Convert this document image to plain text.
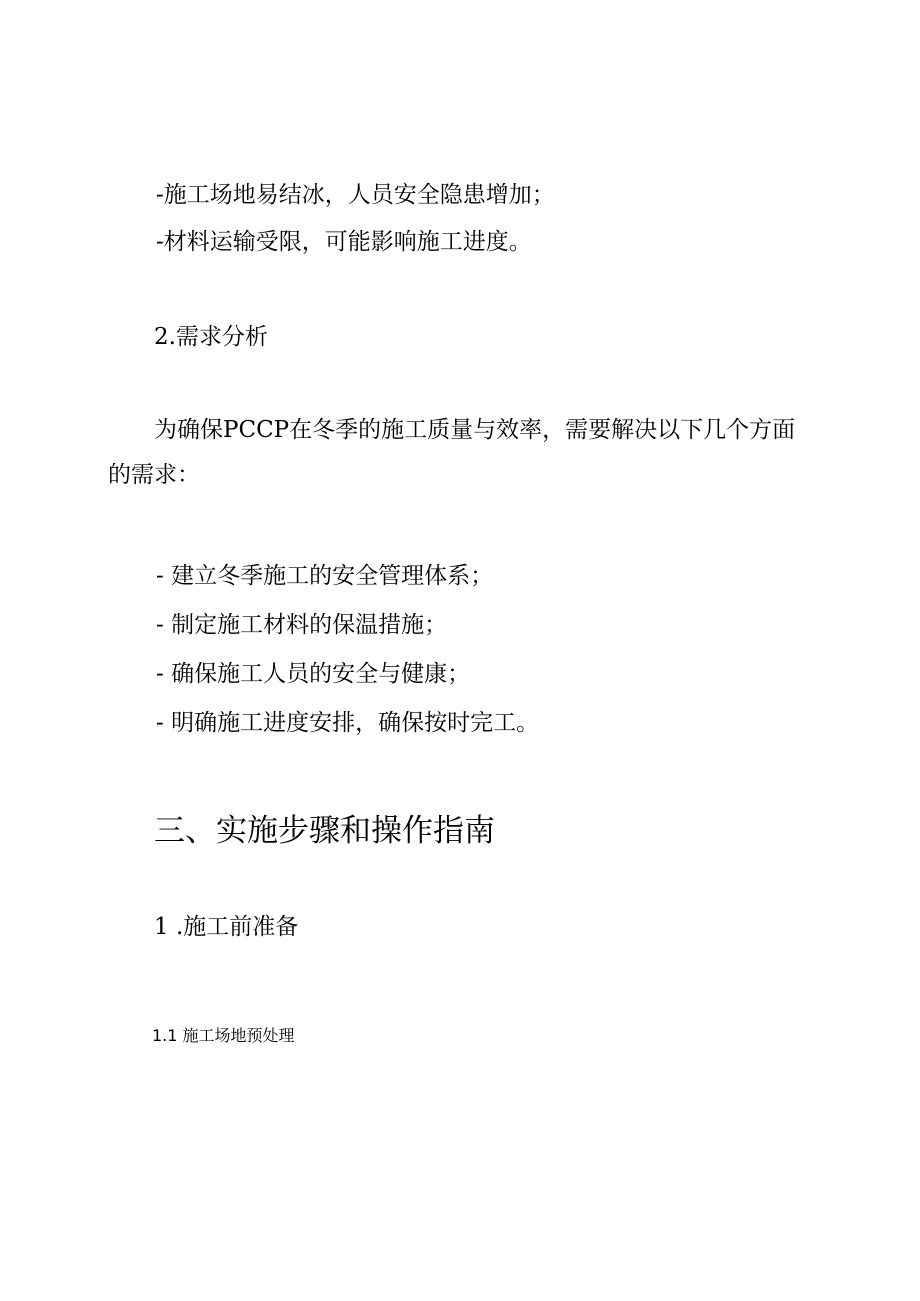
-施工场地易结冰，人员安全隐患增加；
-材料运输受限，可能影响施工进度。
2.需求分析
为确保PCCP在冬季的施工质量与效率，需要解决以下几个方面的需求：
- 建立冬季施工的安全管理体系；
- 制定施工材料的保温措施；
- 确保施工人员的安全与健康；
- 明确施工进度安排，确保按时完工。
三、实施步骤和操作指南
1 .施工前准备
1.1 施工场地预处理
